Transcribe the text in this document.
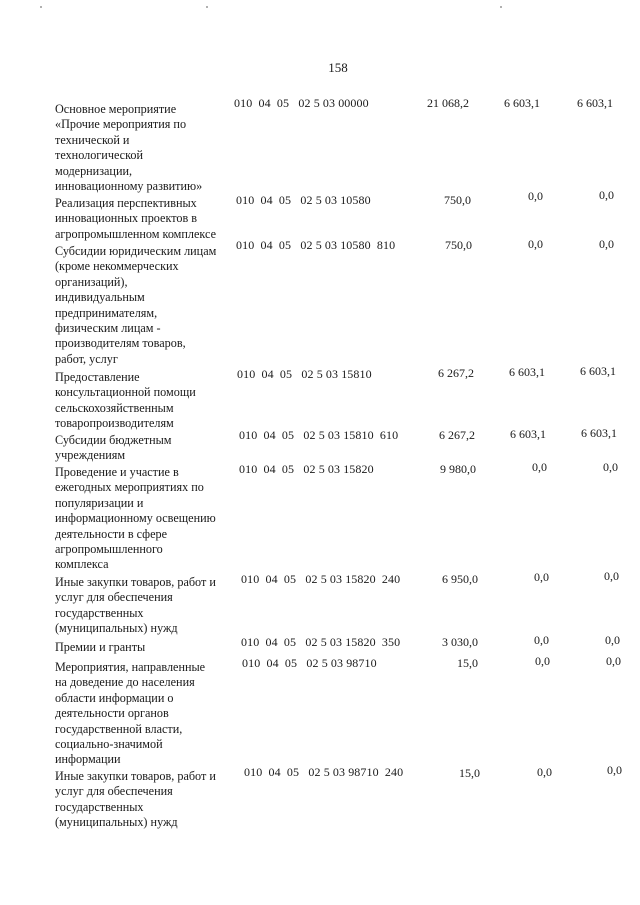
158
Основное мероприятие
«Прочие мероприятия по
технической и
технологической
модернизации,
инновационному развитию»
010  04  05   02 5 03 00000	21 068,2	6 603,1	6 603,1
Реализация перспективных
инновационных проектов в
агропромышленном комплексе
010  04  05   02 5 03 10580	750,0	0,0	0,0
Субсидии юридическим лицам
(кроме некоммерческих
организаций),
индивидуальным
предпринимателям,
физическим лицам -
производителям товаров,
работ, услуг
010  04  05   02 5 03 10580  810	750,0	0,0	0,0
Предоставление
консультационной помощи
сельскохозяйственным
товаропроизводителям
010  04  05   02 5 03 15810	6 267,2	6 603,1	6 603,1
Субсидии бюджетным
учреждениям
010  04  05   02 5 03 15810  610	6 267,2	6 603,1	6 603,1
Проведение и участие в
ежегодных мероприятиях по
популяризации и
информационному освещению
деятельности в сфере
агропромышленного
комплекса
010  04  05   02 5 03 15820	9 980,0	0,0	0,0
Иные закупки товаров, работ и
услуг для обеспечения
государственных
(муниципальных) нужд
010  04  05   02 5 03 15820  240	6 950,0	0,0	0,0
Премии и гранты	010  04  05   02 5 03 15820  350	3 030,0	0,0	0,0
Мероприятия, направленные
на доведение до населения
области информации о
деятельности органов
государственной власти,
социально-значимой
информации
010  04  05   02 5 03 98710	15,0	0,0	0,0
Иные закупки товаров, работ и
услуг для обеспечения
государственных
(муниципальных) нужд
010  04  05   02 5 03 98710  240	15,0	0,0	0,0
